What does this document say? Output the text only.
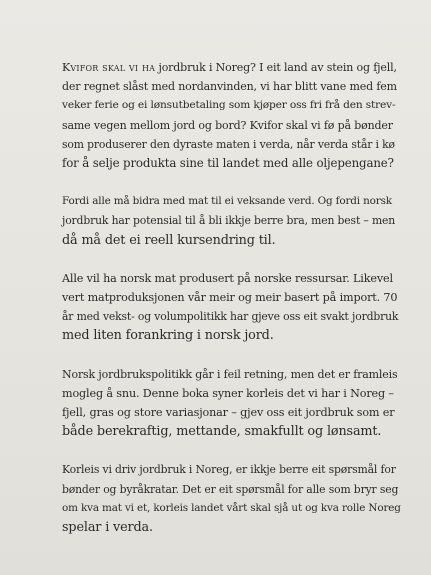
Kvifor skal vi ha jordbruk i Noreg? I eit land av stein og fjell,
der regnet slåst med nordanvinden, vi har blitt vane med fem
veker ferie og ei lønsutbetaling som kjøper oss fri frå den strev-
same vegen mellom jord og bord? Kvifor skal vi fø på bønder
som produserer den dyraste maten i verda, når verda står i kø
for å selje produkta sine til landet med alle oljepengane?

Fordi alle må bidra med mat til ei veksande verd. Og fordi norsk
jordbruk har potensial til å bli ikkje berre bra, men best – men
då må det ei reell kursendring til.

Alle vil ha norsk mat produsert på norske ressursar. Likevel
vert matproduksjonen vår meir og meir basert på import. 70
år med vekst- og volumpolitikk har gjeve oss eit svakt jordbruk
med liten forankring i norsk jord.

Norsk jordbrukspolitikk går i feil retning, men det er framleis
mogleg å snu. Denne boka syner korleis det vi har i Noreg –
fjell, gras og store variasjonar – gjev oss eit jordbruk som er
både berekraftig, mettande, smakfullt og lønsamt.

Korleis vi driv jordbruk i Noreg, er ikkje berre eit spørsmål for
bønder og byråkratar. Det er eit spørsmål for alle som bryr seg
om kva mat vi et, korleis landet vårt skal sjå ut og kva rolle Noreg
spelar i verda.
